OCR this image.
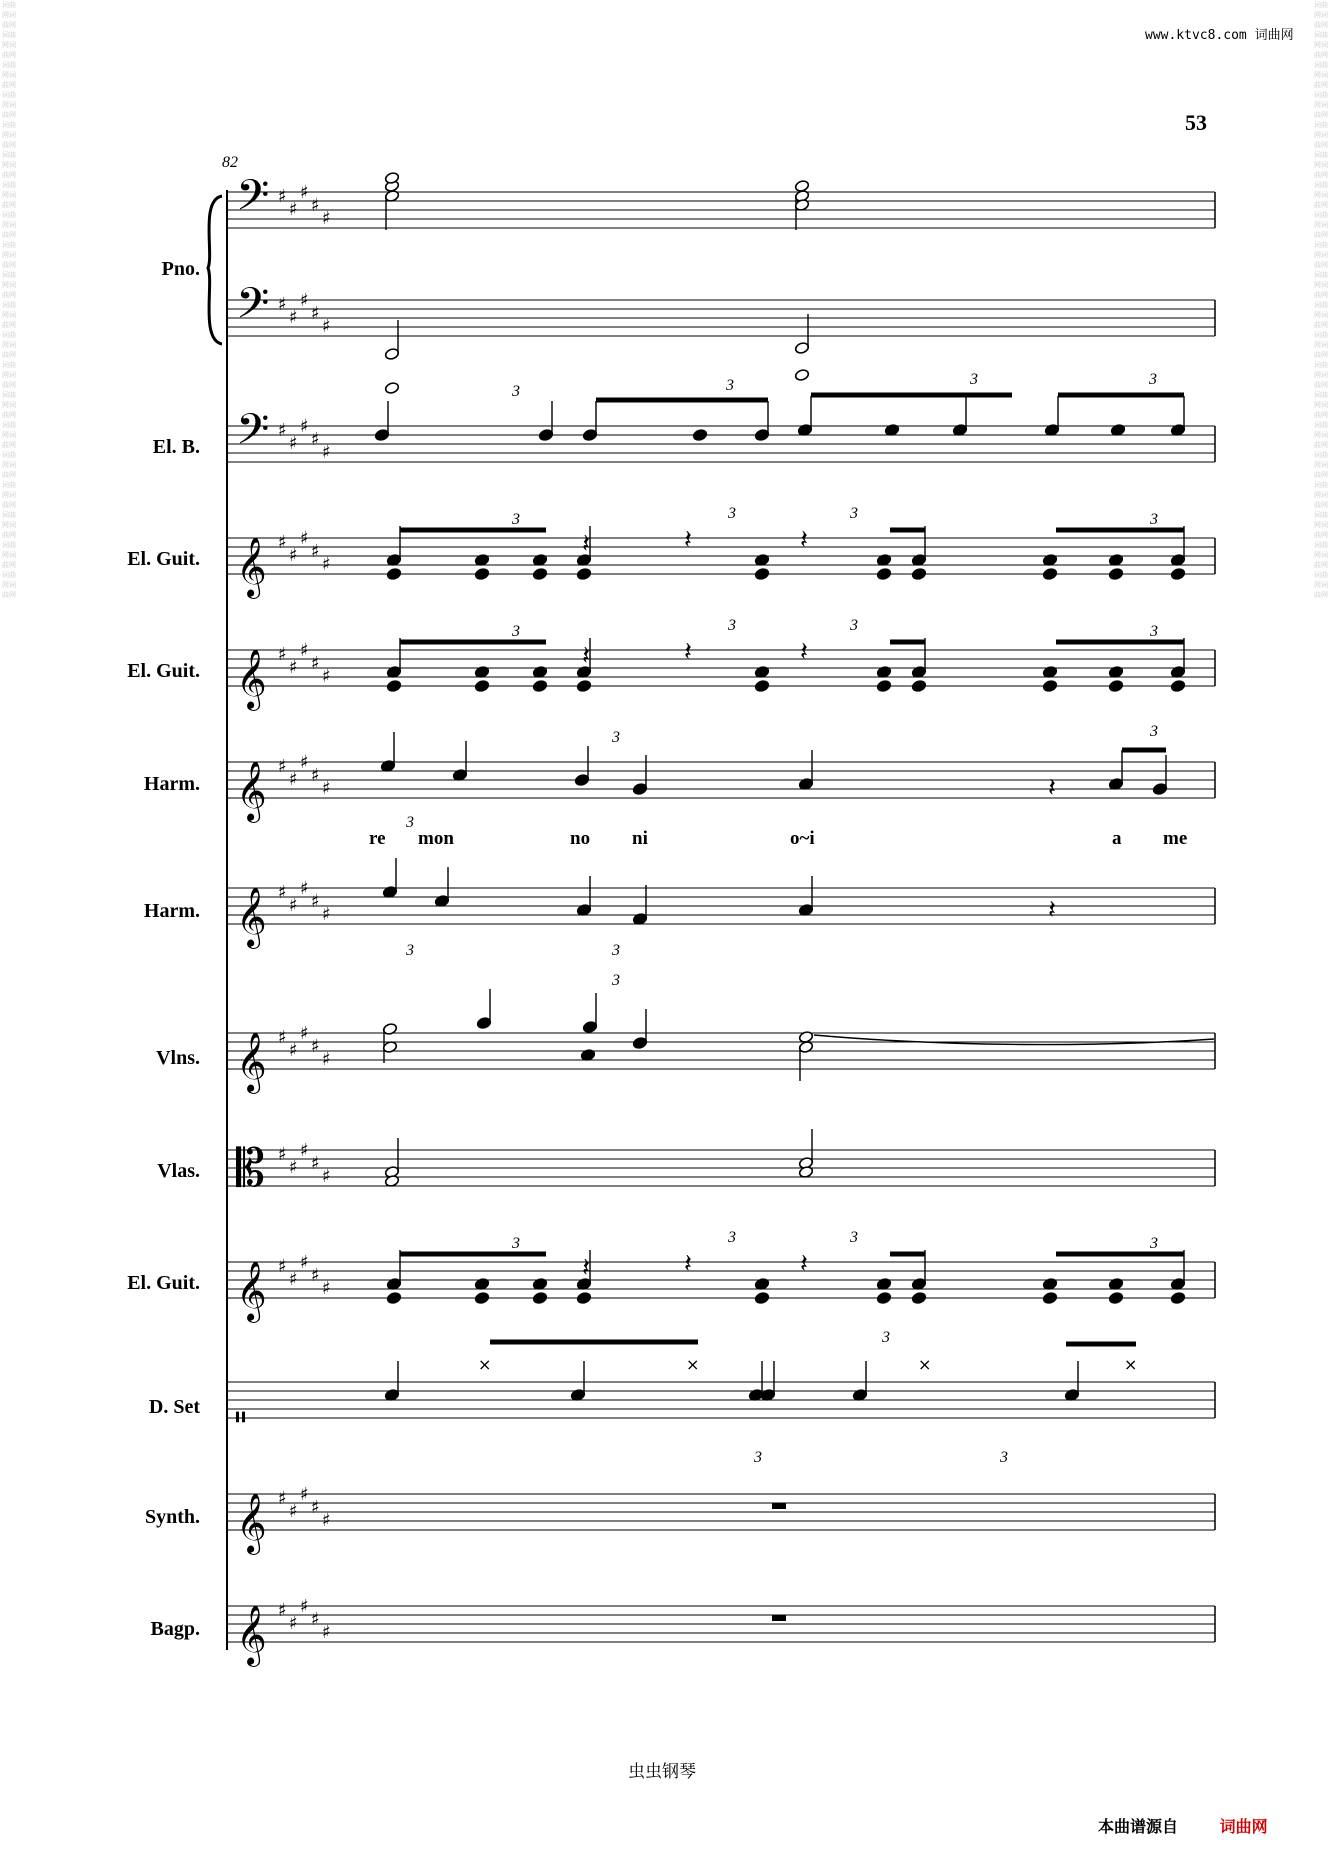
词曲网词曲网词曲网词曲网词曲网词曲网词曲网词曲网词曲网词曲网词曲网词曲网词曲网词曲网词曲网词曲网词曲网词曲网词曲网词曲网词曲网词曲网词曲网词曲网词曲网词曲网词曲网词曲网词曲网词曲网词曲网词曲网词曲网词曲网词曲网词曲网词曲网词曲网词曲网词曲网
词曲网词曲网词曲网词曲网词曲网词曲网词曲网词曲网词曲网词曲网词曲网词曲网词曲网词曲网词曲网词曲网词曲网词曲网词曲网词曲网词曲网词曲网词曲网词曲网词曲网词曲网词曲网词曲网词曲网词曲网词曲网词曲网词曲网词曲网词曲网词曲网词曲网词曲网词曲网词曲网
www.ktvc8.com 词曲网
53
82
Pno.
El. B.
El. Guit.
El. Guit.
Harm.
Harm.
Vlns.
Vlas.
El. Guit.
D. Set
Synth.
Bagp.
re mon	no ni	o~i	a me
𝄢 ♯
♯
♯
♯
♯
𝄢 ♯
♯
♯
♯
♯
𝄢 ♯
♯
♯
♯
♯
𝄞 ♯
♯
♯
♯
♯
𝄞 ♯
♯
♯
♯
♯
𝄞 ♯
♯
♯
♯
♯
𝄞 ♯
♯
♯
♯
♯
𝄞 ♯
♯
♯
♯
♯
𝄡 ♯
♯
♯
♯
♯
𝄞 ♯
♯
♯
♯
♯
𝄥
𝄞 ♯
♯
♯
♯
♯
𝄞 ♯
♯
♯
♯
♯
3	3	3	3
3	3	3	3
𝄽	𝄽	𝄽
3	3	3	3
𝄽	𝄽	𝄽
3	3	3	3
𝄽	𝄽	𝄽
3	3
3
𝄽
𝄽
3	3
3
×	×	×	×
3
3	3
虫虫钢琴
本曲谱源自	词曲网
